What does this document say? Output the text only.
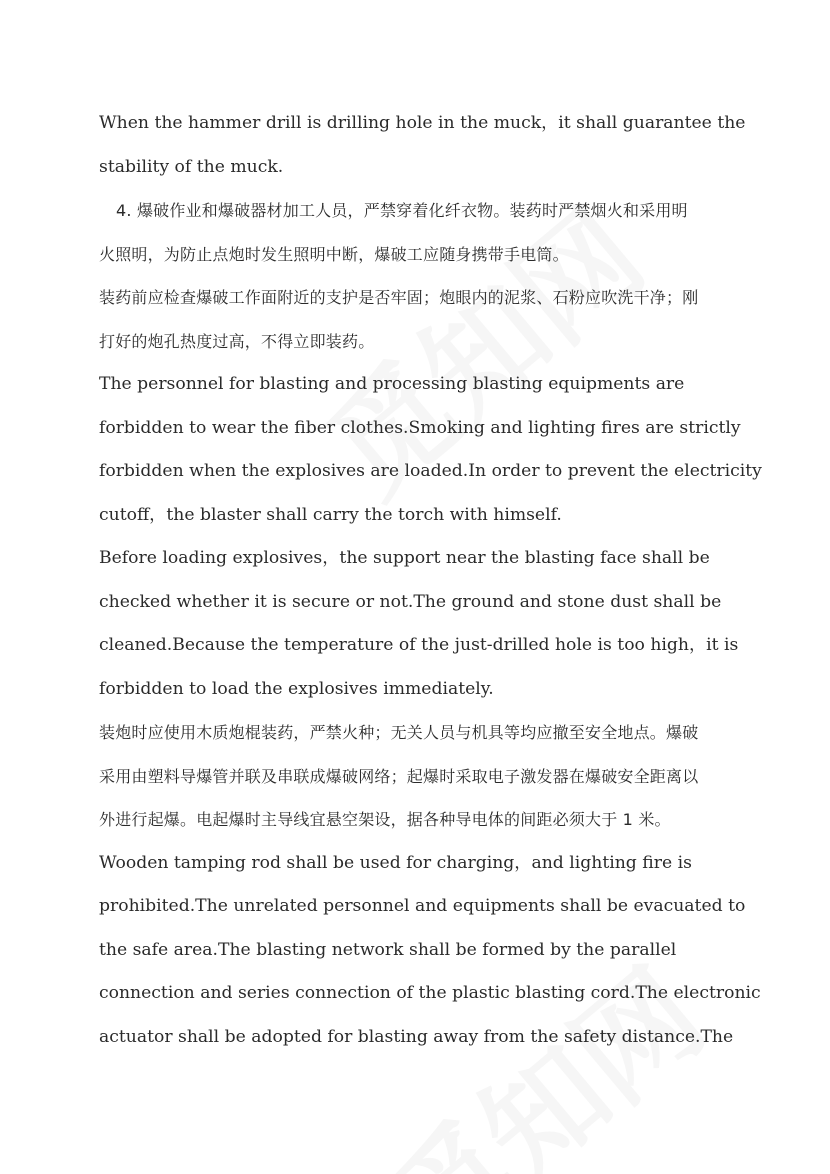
When the hammer drill is drilling hole in the muck，it shall guarantee the
stability of the muck.
4. 爆破作业和爆破器材加工人员，严禁穿着化纤衣物。装药时严禁烟火和采用明
火照明，为防止点炮时发生照明中断，爆破工应随身携带手电筒。
装药前应检查爆破工作面附近的支护是否牢固；炮眼内的泥浆、石粉应吹洗干净；刚
打好的炮孔热度过高，不得立即装药。
The personnel for blasting and processing blasting equipments are
forbidden to wear the fiber clothes.Smoking and lighting fires are strictly
forbidden when the explosives are loaded.In order to prevent the electricity
cutoff，the blaster shall carry the torch with himself.
Before loading explosives，the support near the blasting face shall be
checked whether it is secure or not.The ground and stone dust shall be
cleaned.Because the temperature of the just-drilled hole is too high，it is
forbidden to load the explosives immediately.
装炮时应使用木质炮棍装药，严禁火种；无关人员与机具等均应撤至安全地点。爆破
采用由塑料导爆管并联及串联成爆破网络；起爆时采取电子激发器在爆破安全距离以
外进行起爆。电起爆时主导线宜悬空架设，据各种导电体的间距必须大于 1 米。
Wooden tamping rod shall be used for charging，and lighting fire is
prohibited.The unrelated personnel and equipments shall be evacuated to
the safe area.The blasting network shall be formed by the parallel
connection and series connection of the plastic blasting cord.The electronic
actuator shall be adopted for blasting away from the safety distance.The
